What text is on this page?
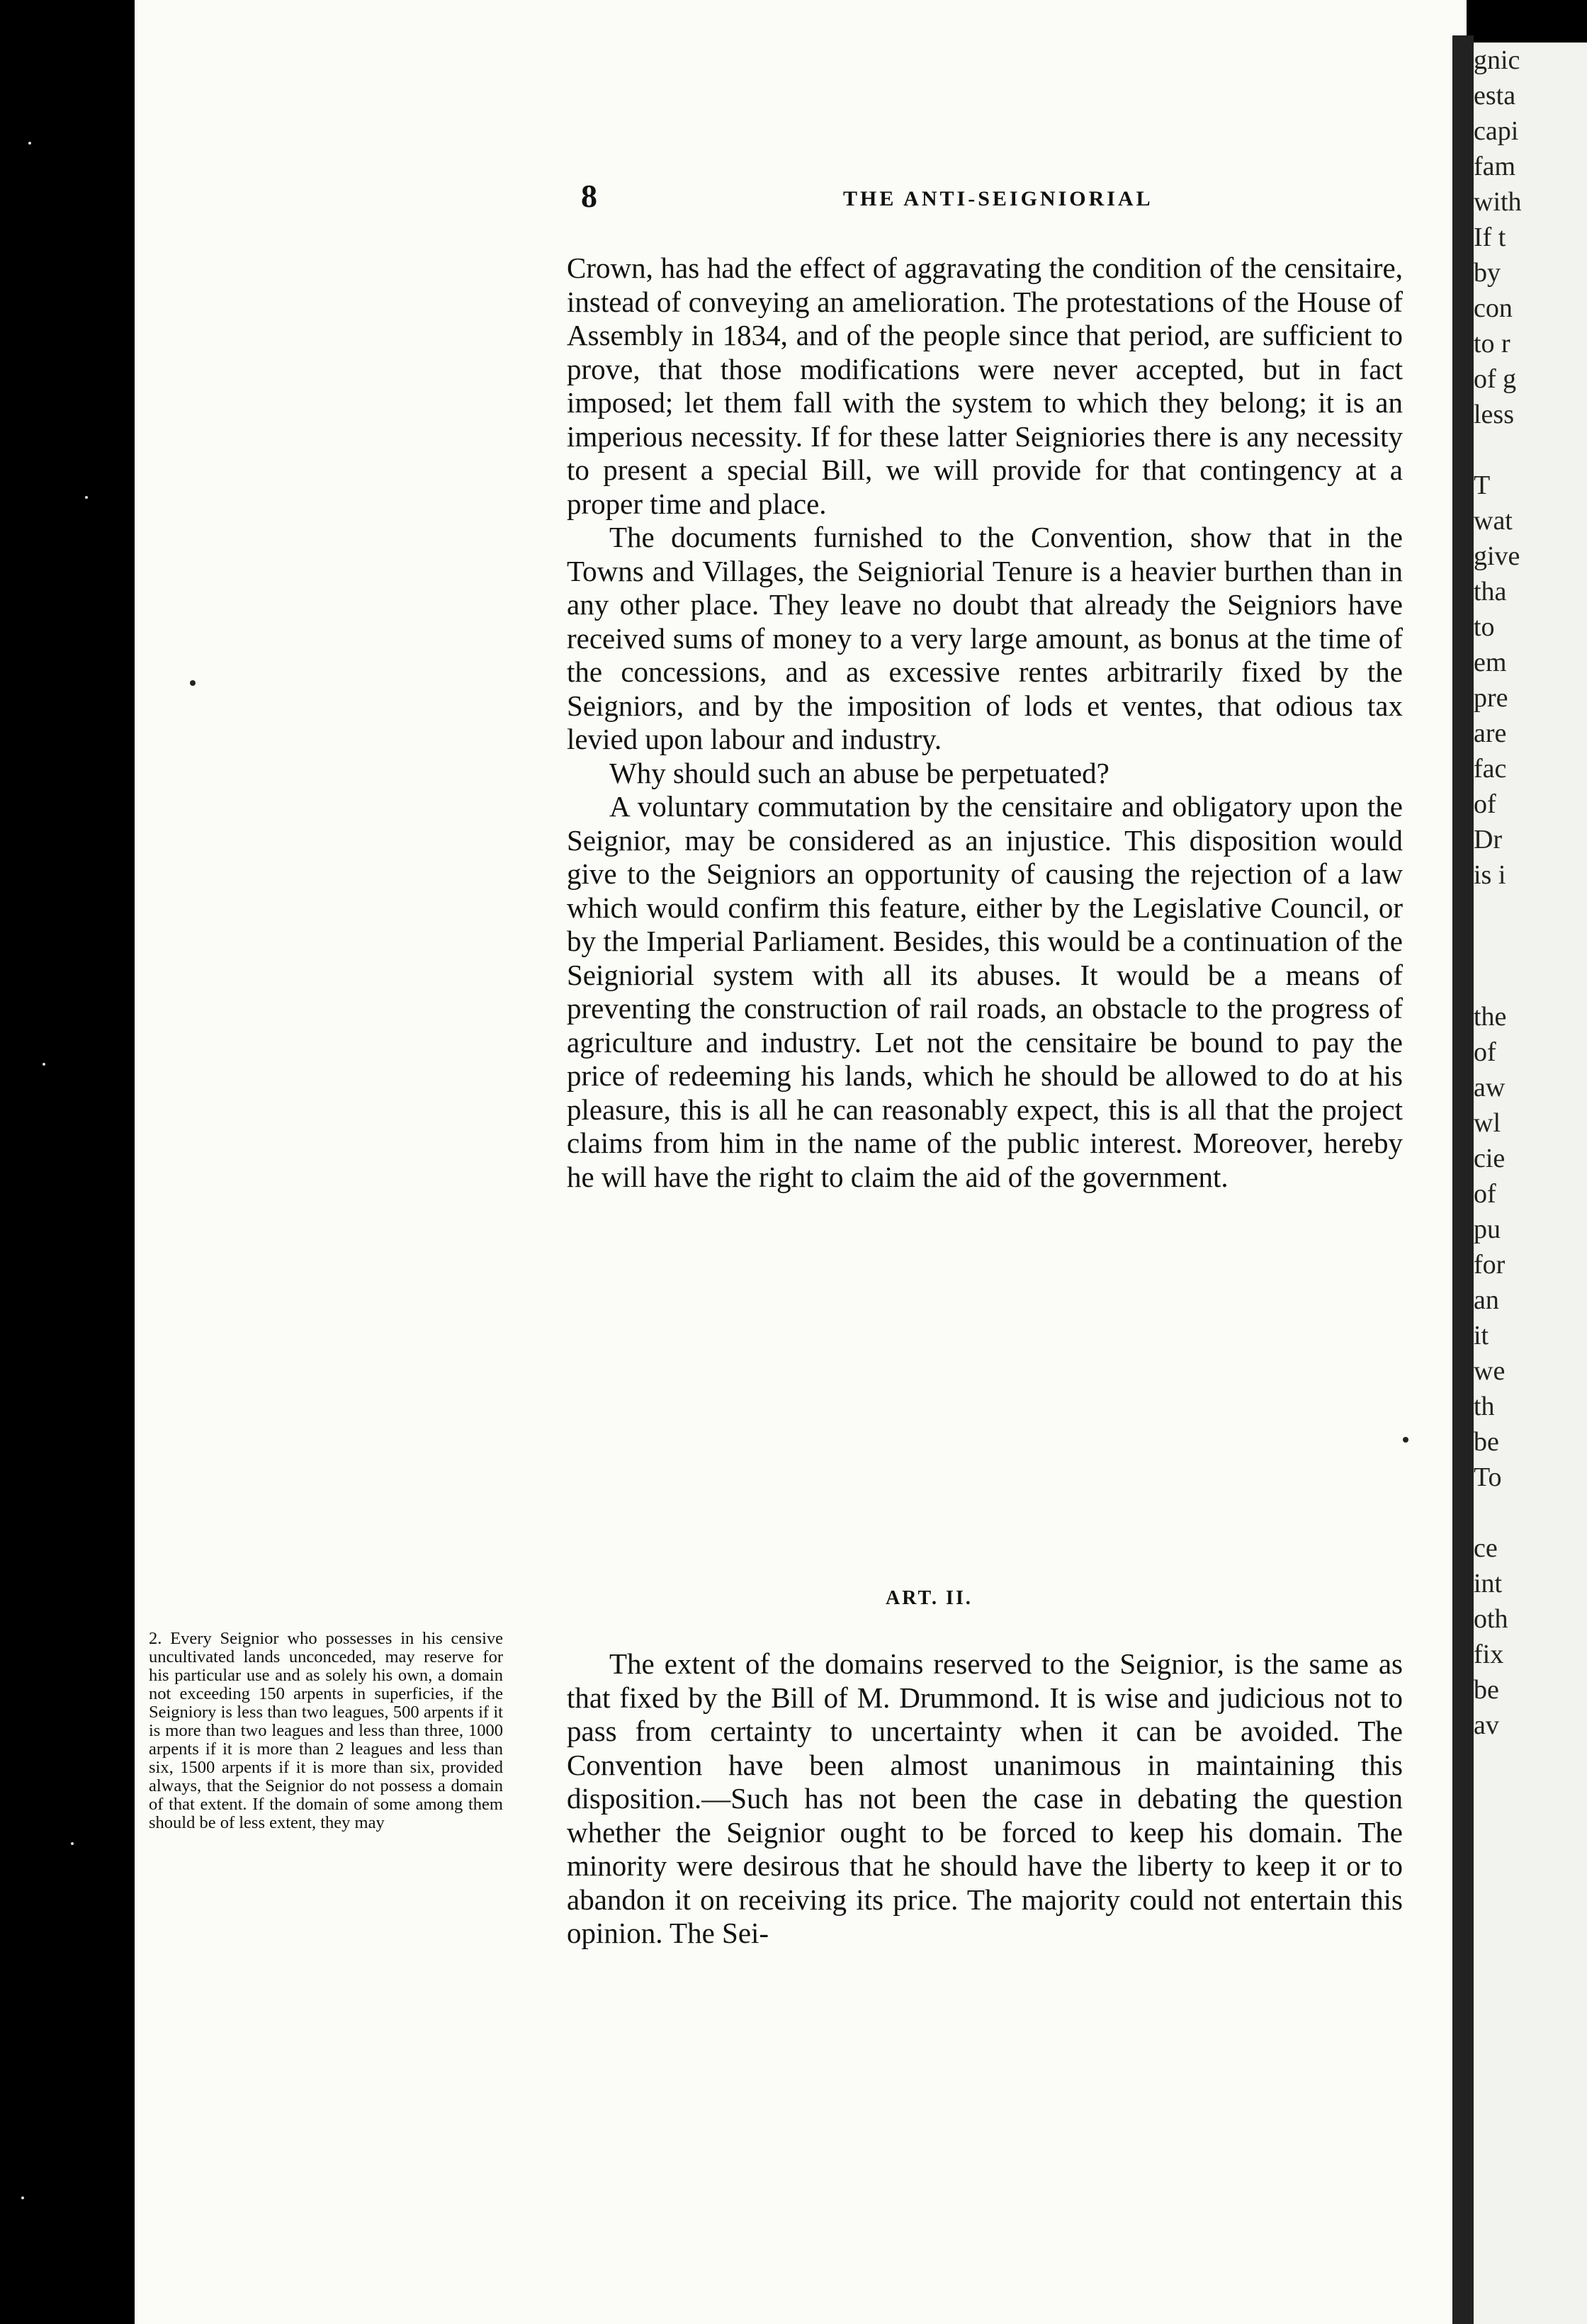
gnic
esta
capi
fam
with
If t
by
con
to r
of g
less

T
wat
give
tha
to
em
pre
are
fac
of
Dr
is i

the
of
aw
wl
cie
of
pu
for
an
it
we
th
be
To

ce
int
oth
fix
be
av
8	THE ANTI-SEIGNIORIAL

Crown, has had the effect of aggravating the condition of the censitaire, instead of conveying an amelioration. The protestations of the House of Assembly in 1834, and of the people since that period, are sufficient to prove, that those modifications were never accepted, but in fact imposed; let them fall with the system to which they belong; it is an imperious necessity. If for these latter Seigniories there is any necessity to present a special Bill, we will provide for that contingency at a proper time and place.

The documents furnished to the Convention, show that in the Towns and Villages, the Seigniorial Tenure is a heavier burthen than in any other place. They leave no doubt that already the Seigniors have received sums of money to a very large amount, as bonus at the time of the concessions, and as excessive rentes arbitrarily fixed by the Seigniors, and by the imposition of lods et ventes, that odious tax levied upon labour and industry.

Why should such an abuse be perpetuated?

A voluntary commutation by the censitaire and obligatory upon the Seignior, may be considered as an injustice. This disposition would give to the Seigniors an opportunity of causing the rejection of a law which would confirm this feature, either by the Legislative Council, or by the Imperial Parliament. Besides, this would be a continuation of the Seigniorial system with all its abuses. It would be a means of preventing the construction of rail roads, an obstacle to the progress of agriculture and industry. Let not the censitaire be bound to pay the price of redeeming his lands, which he should be allowed to do at his pleasure, this is all he can reasonably expect, this is all that the project claims from him in the name of the public interest. Moreover, hereby he will have the right to claim the aid of the government.

ART. II.

The extent of the domains reserved to the Seignior, is the same as that fixed by the Bill of M. Drummond. It is wise and judicious not to pass from certainty to uncertainty when it can be avoided. The Convention have been almost unanimous in maintaining this disposition.—Such has not been the case in debating the question whether the Seignior ought to be forced to keep his domain. The minority were desirous that he should have the liberty to keep it or to abandon it on receiving its price. The majority could not entertain this opinion. The Sei-

2. Every Seignior who possesses in his censive uncultivated lands unconceded, may reserve for his particular use and as solely his own, a domain not exceeding 150 arpents in superficies, if the Seigniory is less than two leagues, 500 arpents if it is more than two leagues and less than three, 1000 arpents if it is more than 2 leagues and less than six, 1500 arpents if it is more than six, provided always, that the Seignior do not possess a domain of that extent. If the domain of some among them should be of less extent, they may
